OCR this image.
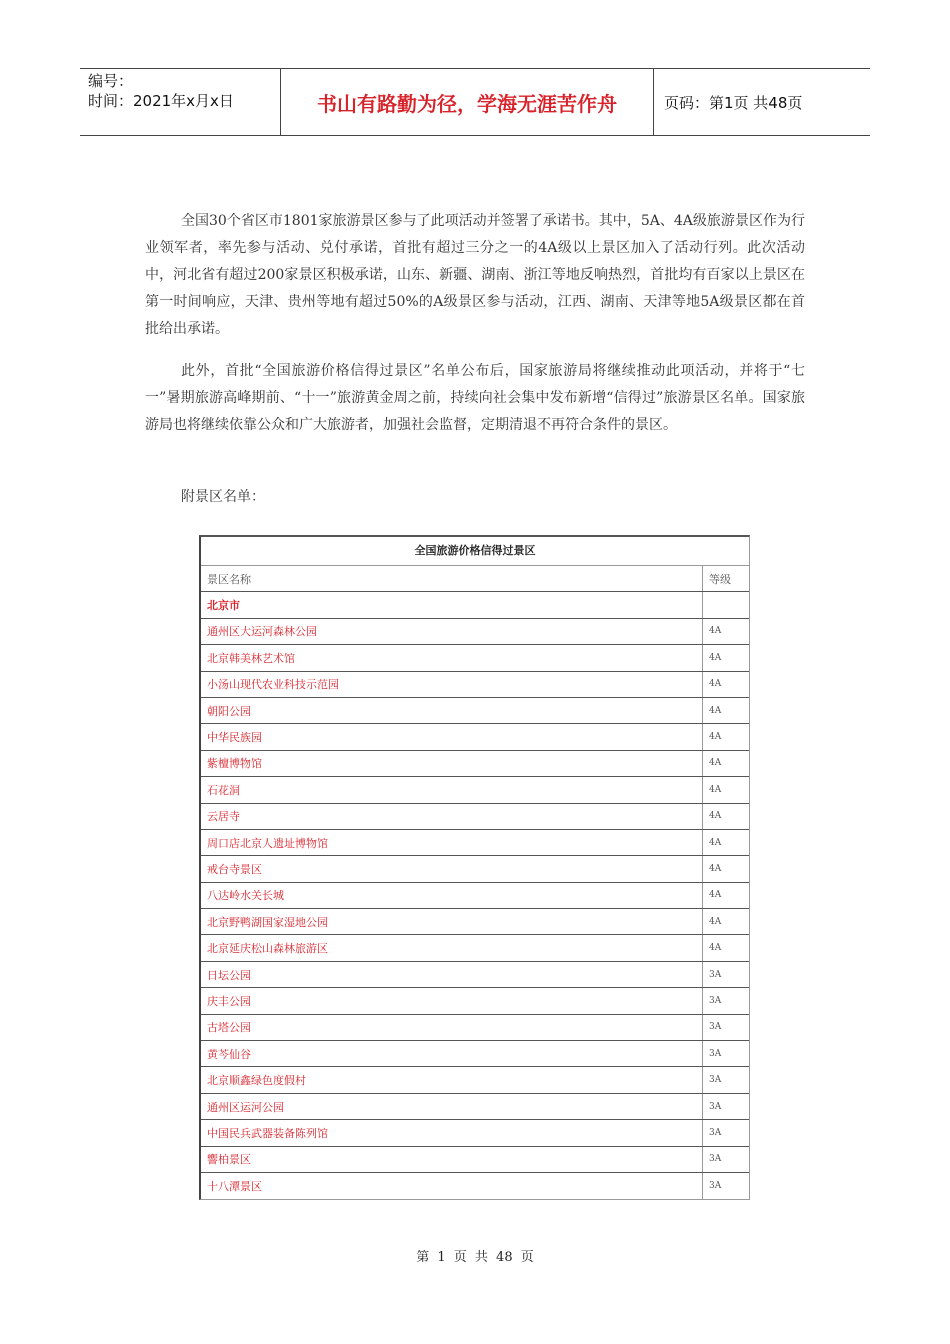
编号：
时间：2021年x月x日	书山有路勤为径，学海无涯苦作舟	页码：第1页 共48页
全国30个省区市1801家旅游景区参与了此项活动并签署了承诺书。其中，5A、4A级旅游景区作为行业领军者，率先参与活动、兑付承诺，首批有超过三分之一的4A级以上景区加入了活动行列。此次活动中，河北省有超过200家景区积极承诺，山东、新疆、湖南、浙江等地反响热烈，首批均有百家以上景区在第一时间响应，天津、贵州等地有超过50%的A级景区参与活动，江西、湖南、天津等地5A级景区都在首批给出承诺。
此外，首批“全国旅游价格信得过景区”名单公布后，国家旅游局将继续推动此项活动，并将于“七一”暑期旅游高峰期前、“十一”旅游黄金周之前，持续向社会集中发布新增“信得过”旅游景区名单。国家旅游局也将继续依靠公众和广大旅游者，加强社会监督，定期清退不再符合条件的景区。
附景区名单：
全国旅游价格信得过景区
景区名称	等级
北京市
通州区大运河森林公园	4A
北京韩美林艺术馆	4A
小汤山现代农业科技示范园	4A
朝阳公园	4A
中华民族园	4A
紫檀博物馆	4A
石花洞	4A
云居寺	4A
周口店北京人遗址博物馆	4A
戒台寺景区	4A
八达岭水关长城	4A
北京野鸭湖国家湿地公园	4A
北京延庆松山森林旅游区	4A
日坛公园	3A
庆丰公园	3A
古塔公园	3A
黄芩仙谷	3A
北京顺鑫绿色度假村	3A
通州区运河公园	3A
中国民兵武器装备陈列馆	3A
響柏景区	3A
十八潭景区	3A
第 1 页 共 48 页
